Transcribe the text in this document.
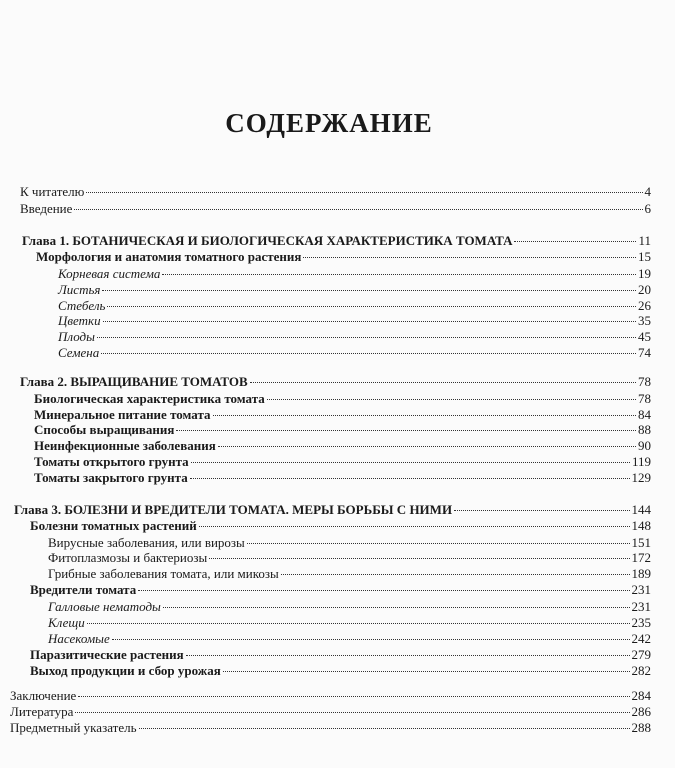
СОДЕРЖАНИЕ
К читателю	4
Введение	6
Глава 1. БОТАНИЧЕСКАЯ И БИОЛОГИЧЕСКАЯ ХАРАКТЕРИСТИКА ТОМАТА	11
Морфология и анатомия томатного растения	15
Корневая система	19
Листья	20
Стебель	26
Цветки	35
Плоды	45
Семена	74
Глава 2. ВЫРАЩИВАНИЕ ТОМАТОВ	78
Биологическая характеристика томата	78
Минеральное питание томата	84
Способы выращивания	88
Неинфекционные заболевания	90
Томаты открытого грунта	119
Томаты закрытого грунта	129
Глава 3. БОЛЕЗНИ И ВРЕДИТЕЛИ ТОМАТА. МЕРЫ БОРЬБЫ С НИМИ	144
Болезни томатных растений	148
Вирусные заболевания, или вирозы	151
Фитоплазмозы и бактериозы	172
Грибные заболевания томата, или микозы	189
Вредители томата	231
Галловые нематоды	231
Клещи	235
Насекомые	242
Паразитические растения	279
Выход продукции и сбор урожая	282
Заключение	284
Литература	286
Предметный указатель	288
